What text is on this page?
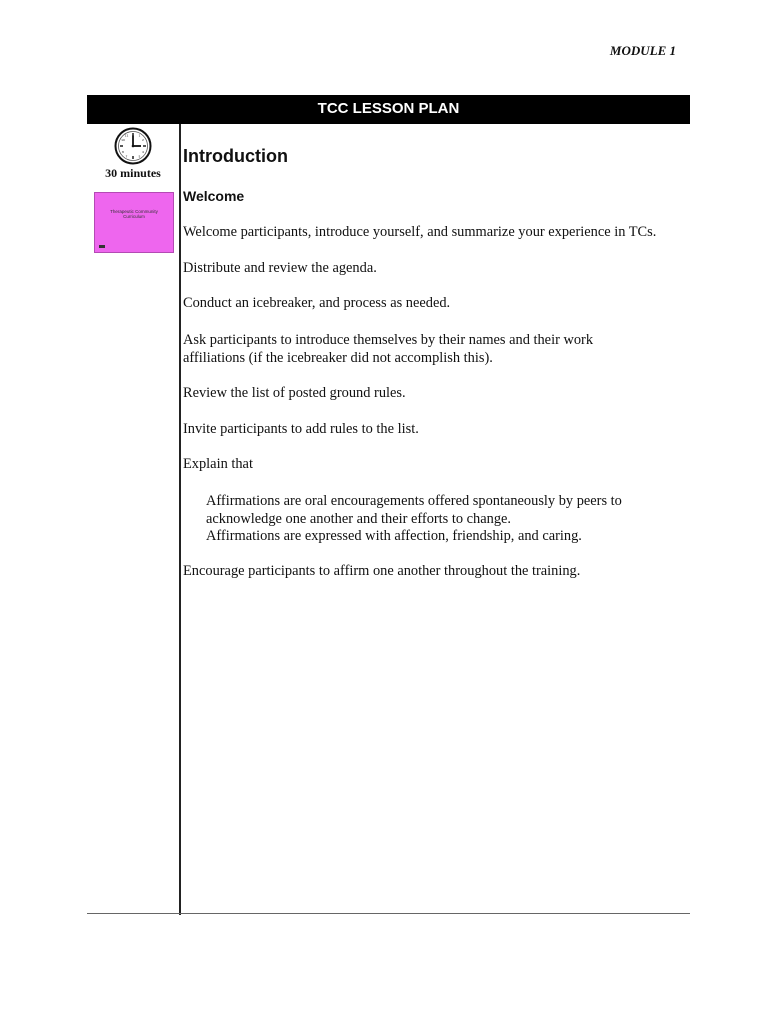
MODULE 1
TCC LESSON PLAN
1
2
4
5
7
8
10
11
30 minutes
Therapeutic Community Curriculum
Introduction
Welcome

Welcome participants, introduce yourself, and summarize your experience in TCs.

Distribute and review the agenda.

Conduct an icebreaker, and process as needed.

Ask participants to introduce themselves by their names and their work affiliations (if the icebreaker did not accomplish this).

Review the list of posted ground rules.

Invite participants to add rules to the list.

Explain that

Affirmations are oral encouragements offered spontaneously by peers to acknowledge one another and their efforts to change.

Affirmations are expressed with affection, friendship, and caring.

Encourage participants to affirm one another throughout the training.
